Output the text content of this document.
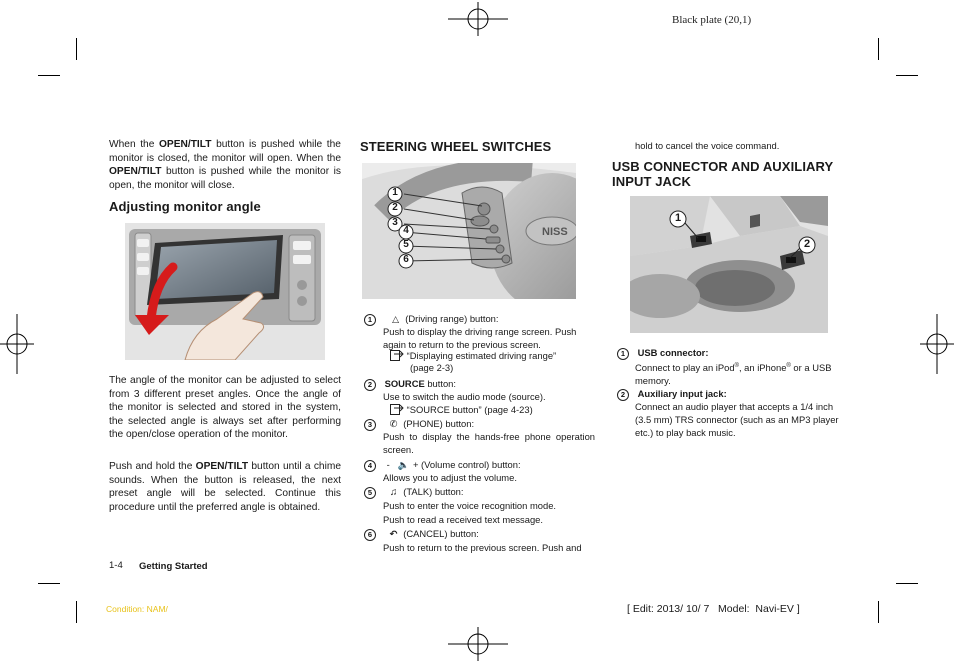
Black plate (20,1)
When the OPEN/TILT button is pushed while the monitor is closed, the monitor will open. When the OPEN/TILT button is pushed while the monitor is open, the monitor will close.
Adjusting monitor angle
The angle of the monitor can be adjusted to select from 3 different preset angles. Once the angle of the monitor is selected and stored in the system, the selected angle is always set after performing the open/close operation of the monitor.
Push and hold the OPEN/TILT button until a chime sounds. When the button is released, the next preset angle will be selected. Continue this procedure until the preferred angle is obtained.
STEERING WHEEL SWITCHES
NISS
1
2
3
4
5
6
1 △ (Driving range) button:
Push to display the driving range screen. Push again to return to the previous screen.
“Displaying estimated driving range”
(page 2-3)
2 SOURCE button:
Use to switch the audio mode (source).
“SOURCE button” (page 4-23)
3 ✆ (PHONE) button:
Push to display the hands-free phone operation screen.
4 - 🔈 + (Volume control) button:
Allows you to adjust the volume.
5 ♫ (TALK) button:
Push to enter the voice recognition mode.
Push to read a received text message.
6 ↶ (CANCEL) button:
Push to return to the previous screen. Push and
hold to cancel the voice command.
USB CONNECTOR AND AUXILIARY
INPUT JACK
1
2
1 USB connector:
Connect to play an iPod®, an iPhone® or a USB memory.
2 Auxiliary input jack:
Connect an audio player that accepts a 1/4 inch (3.5 mm) TRS connector (such as an MP3 player etc.) to play back music.
1-4 Getting Started
Condition: NAM/	[ Edit: 2013/ 10/ 7   Model:  Navi-EV ]
